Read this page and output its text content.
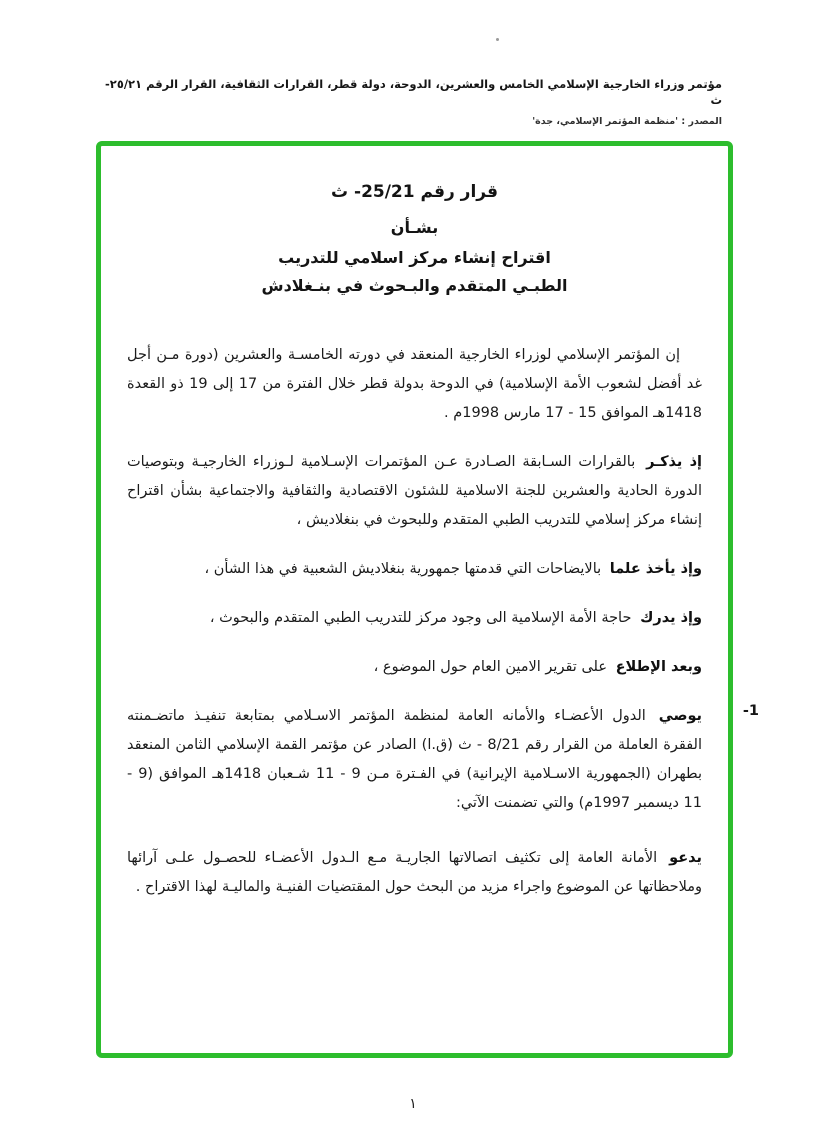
مؤتمر وزراء الخارجية الإسلامي الخامس والعشرين، الدوحة، دولة قطر، القرارات الثقافية، القرار الرقم ٢٥/٢١-ث
المصدر : 'منظمة المؤتمر الإسلامي، جدة'
قرار رقم 25/21- ث
بشـأن
اقتراح إنشاء مركز اسلامي للتدريب
الطبـي المتقدم والبـحوث في بنـغلادش

إن المؤتمر الإسلامي لوزراء الخارجية المنعقد في دورته الخامسـة والعشرين (دورة مـن أجل غد أفضل لشعوب الأمة الإسلامية) في الدوحة بدولة قطر خلال الفترة من 17 إلى 19 ذو القعدة 1418هـ الموافق 15 - 17 مارس 1998م .

إذ يذكـر بالقرارات السـابقة الصـادرة عـن المؤتمرات الإسـلامية لـوزراء الخارجيـة وبتوصيات الدورة الحادية والعشرين للجنة الاسلامية للشئون الاقتصادية والثقافية والاجتماعية بشأن اقتراح إنشاء مركز إسلامي للتدريب الطبي المتقدم وللبحوث في بنغلاديش ،

وإذ يأخذ علما بالايضاحات التي قدمتها جمهورية بنغلاديش الشعبية في هذا الشأن ،

وإذ يدرك حاجة الأمة الإسلامية الى وجود مركز للتدريب الطبي المتقدم والبحوث ،

وبعد الإطلاع على تقرير الامين العام حول الموضوع ،

1-

يوصي الدول الأعضـاء والأمانه العامة لمنظمة المؤتمر الاسـلامي بمتابعة تنفيـذ ماتضـمنته الفقرة العاملة من القرار رقم 8/21 - ث (ق.ا) الصادر عن مؤتمر القمة الإسلامي الثامن المنعقد بطهران (الجمهورية الاسـلامية الإيرانية) في الفـترة مـن 9 - 11 شـعبان 1418هـ الموافق (9 - 11 ديسمبر 1997م) والتي تضمنت الآتي:

يدعو الأمانة العامة إلى تكثيف اتصالاتها الجاريـة مـع الـدول الأعضـاء للحصـول علـى آرائها وملاحظاتها عن الموضوع واجراء مزيد من البحث حول المقتضيات الفنيـة والماليـة لهذا الاقتراح .

١
